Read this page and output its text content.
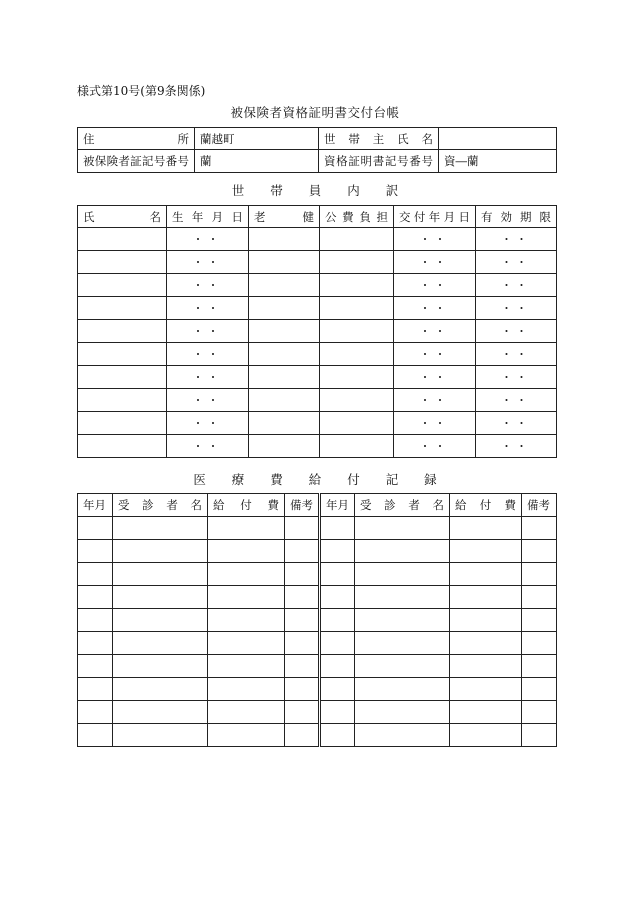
様式第10号(第9条関係)
被保険者資格証明書交付台帳
住所	蘭越町	世帯主氏名	

被保険者証記号番号	蘭	資格証明書記号番号	資―蘭
世 帯 員 内 訳
氏名	生年月日	老健	公費負担	交付年月日	有効期限

	・・			・・	・・
	・・			・・	・・
	・・			・・	・・
	・・			・・	・・
	・・			・・	・・
	・・			・・	・・
	・・			・・	・・
	・・			・・	・・
	・・			・・	・・
	・・			・・	・・
医 療 費 給 付 記 録
年月	受診者名	給付費	備考	年月	受診者名	給付費	備考
